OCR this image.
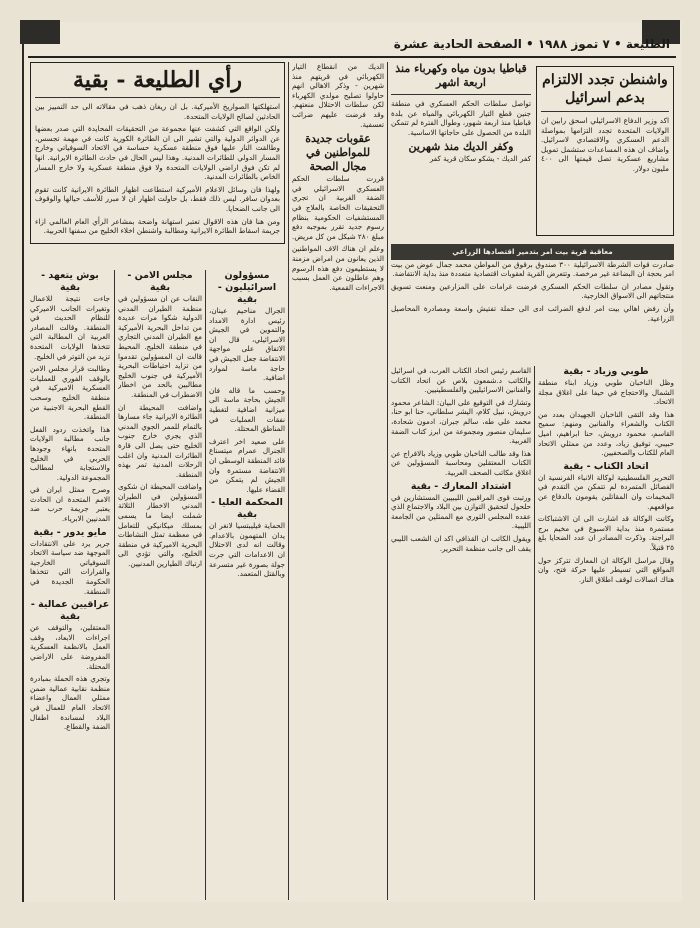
الطليعة • ٧ تموز ١٩٨٨ • الصفحة الحادية عشرة
رأي الطليعة - بقية

استهلكتها الصواريخ الأميركية. بل ان ريغان ذهب في مقالاته الى حد التمييز بين الحادثين لصالح الولايات المتحدة.

ولكن الواقع التي كشفت عنها مجموعة من التحقيقات المحايدة التي صدر بعضها عن الدوائر الدولية والتي تشير الى ان الطائرة الكورية كانت في مهمة تجسس، وطالقت النار عليها فوق منطقة عسكرية حساسة في الاتحاد السوفياتي وخارج المسار الدولي للطائرات المدنية. وهذا ليس الحال في حادث الطائرة الايرانية. انها لم تكن فوق اراضي الولايات المتحدة ولا فوق منطقة عسكرية ولا خارج المسار الخاص بالطائرات المدنية.

ولهذا فان وسائل الاعلام الأميركية استطاعت اظهار الطائرة الايرانية كانت تقوم بعدوان سافر. ليس ذلك فقط، بل حاولت اظهار ان لا مبرر للأسف حيالها والوقوف الى جانب الضحايا.

ومن هنا فان هذه الاقوال تعتبر استهانة واضحة بمشاعر الرأي العام العالمي ازاء جريمة اسقاط الطائرة الايرانية ومطالبة واشنطن اخلاء الخليج من سفنها الحربية.

بوش يتعهد - بقية

جاءت نتيجة للاعمال وتغيرات الجانب الاميركي للنظام الحديث في المنطقة. وقالت المصادر العربية ان المطالبة التي تتخذها الولايات المتحدة تزيد من التوتر في الخليج.

وطالبت قرار مجلس الامن بالوقف الفوري للعمليات العسكرية الاميركية في منطقة الخليج وسحب القطع البحرية الاجنبية من المنطقة.

هذا واتخذت ردود الفعل جانب مطالبة الولايات المتحدة بانهاء وجودها الحربي في الخليج والاستجابة لمطالب المجموعة الدولية.

وصرح ممثل ايران في الامم المتحدة ان الحادث يعتبر جريمة حرب ضد المدنيين الابرياء.

مايو يدور - بقية

جرير يرد على الانتقادات الموجهة ضد سياسة الاتحاد السوفياتي الخارجية والقرارات التي تتخذها الحكومة الجديدة في المنطقة.

عراقيين عمالية - بقية

المعتقلين، والتوقف عن اجراءات الابعاد، وقف العمل بالانظمة العسكرية المفروضة على الاراضي المحتلة.

وتجري هذه الحملة بمبادرة منظمة نقابية عمالية ضمن ممثلي العمال واعضاء الاتحاد العام للعمال في البلاد لمساندة اطفال الضفة والقطاع.

مجلس الامن - بقية

النقاب عن ان مسؤولين في منظمة الطيران المدني الدولية شكوا مرات عديدة من تداخل البحرية الأميركية مع الطيران المدني التجاري في منطقة الخليج. المحيط قالت ان المسؤولين تقدموا من تزايد احتياطات البحرية الأميركية في جنوب الخليج مطالبين بالحد من اخطار الاضطراب في المنطقة.

واضافت المحيطة ان الطائرة الايرانية جاء مسارها بالتمام للممر الجوي المدني الذي يجري خارج جنوب الخليج حتى يصل الى قارة الطائرات المدنية وان اغلب الرحلات المدنية تمر بهذه المنطقة.

واضافت المحيطة ان شكوى المسؤولين في الطيران المدني الاخطار الثلاثة شملت ايضا ما يسمى بمسلك ميكانيكي للتعامل في معظمة تمثل النشاطات البحرية الاميركية في منطقة الخليج، والتي تؤدي الى ارتباك الطيارين المدنيين.

مسؤولون اسرائيليون - بقية

الجرال مناحيم عينان، رئيس ادارة الامداد والتموين في الجيش الاسرائيلي، قال ان الاتفاق على مواجهة الانتفاضة جعل الجيش في حاجة ماسة لموارد اضافية.

وحسب ما قاله فان الجيش بحاجة ماسة الى ميزانية اضافية لتغطية نفقات العمليات في المناطق المحتلة.

على صعيد اخر اعترف الجنرال عمرام ميتسناع قائد المنطقة الوسطى ان الانتفاضة مستمرة وان الجيش لم يتمكن من القضاء عليها.

المحكمة العليا - بقية

الحماية فيليبتسيا لانغر ان يدان المتهمون بالاعدام. وقالت انه لدى الاحتلال ان الاعدامات التي جرت جولة بصورة غير متسرعة وبالقتل المتعمد.

الديك من انقطاع التيار الكهربائي في قريتهم منذ شهرين - وذكر الاهالي انهم حاولوا تصليح مولدي الكهرباء لكن سلطات الاحتلال منعتهم. وقد فرضت عليهم ضرائب تعسفية.

عقوبات جديدة للمواطنين في مجال الصحة

قررت سلطات الحكم العسكري الاسرائيلي في الضفة الغربية ان تجري التحقيقات الخاصة بالعلاج في المستشفيات الحكومية بنظام رسوم جديد تقرر بموجبه دفع مبلغ ٢٨٠ شيكل من كل مريض.

وعلم ان هناك الاف المواطنين الذين يعانون من امراض مزمنة لا يستطيعون دفع هذه الرسوم وهم عاطلون عن العمل بسبب الاجراءات القمعية.

قباطيا بدون مياه وكهرباء منذ اربعة اشهر

تواصل سلطات الحكم العسكري في منطقة جنين قطع التيار الكهربائي والمياه عن بلدة قباطيا منذ اربعة شهور، وطوال الفترة لم تتمكن البلدة من الحصول على حاجاتها الاساسية.

وكفر الديك منذ شهرين

كفر الديك - يشكو سكان قرية كفر

واشنطن تجدد الالتزام بدعم اسرائيل

اكد وزير الدفاع الاسرائيلي اسحق رابين ان الولايات المتحدة تجدد التزامها بمواصلة الدعم العسكري والاقتصادي لاسرائيل. واضاف ان هذه المساعدات ستشمل تمويل مشاريع عسكرية تصل قيمتها الى ٤٠٠ مليون دولار.

معاقبة قرية بيت امر بتدمير اقتصادها الزراعي

صادرت قوات الشرطة الاسرائيلية ٣٠٠ صندوق برقوق من المواطن محمد جمال عوض من بيت امر بحجة ان البضاعة غير مرخصة. وتتعرض القرية لعقوبات اقتصادية متعددة منذ بداية الانتفاضة.

وتقول مصادر ان سلطات الحكم العسكري فرضت غرامات على المزارعين ومنعت تسويق منتجاتهم الى الاسواق الخارجية.

وأن رفض اهالي بيت امر لدفع الضرائب ادى الى حملة تفتيش واسعة ومصادرة المحاصيل الزراعية.

القاسم رئيس اتحاد الكتاب العرب، في اسرائيل والكاتب د.شمعون بلاص عن اتحاد الكتاب والفنانين الاسرائيليين والفلسطينيين.

وتشارك في التوقيع على البيان: الشاعر محمود درويش، نبيل كلام، اليشر سلطاني، حنا ابو حنا، محمد علي طه، سالم جبران، ادمون شحادة، سليمان منصور ومجموعة من ابرز كتاب الضفة الغربية.

هذا وقد طالب الناخبان طوبي وزياد بالافراج عن الكتاب المعتقلين ومحاسبة المسؤولين عن اغلاق مكاتب الصحف العربية.

اشتداد المعارك - بقية

ورتبت قوى المراقبين الليبيين المستشارين في حلحول لتحقيق التوازن بين البلاد والاجتماع الذي عقده المجلس الثوري مع الممثلين من الجامعة الليبية.

ويقول الكاتب ان القذافي اكد ان الشعب الليبي يقف الى جانب منظمة التحرير.

طوبي وزياد - بقية

وظل الناخبان طوبي وزياد ابناء منطقة الشمال والاحتجاج في حيفا على اغلاق مجلة الاتحاد.

هذا وقد التقى الناخبان الجهيدان بعدد من الكتاب والشعراء والفنانين ومنهم: سميح القاسم، محمود درويش، حنا ابراهيم، اميل حبيبي، توفيق زياد، وعدد من ممثلي الاتحاد العام للكتاب والصحفيين.

اتحاد الكتاب - بقية

التحرير الفلسطينية لوكالة الانباء الفرنسية ان الفصائل المتمردة لم تتمكن من التقدم في المخيمات وان المقاتلين يقومون بالدفاع عن مواقعهم.

وكانت الوكالة قد اشارت الى ان الاشتباكات مستمرة منذ بداية الاسبوع في مخيم برج البراجنة. وذكرت المصادر ان عدد الضحايا بلغ ٢٥ قتيلاً.

وقال مراسل الوكالة ان المعارك تتركز حول المواقع التي تسيطر عليها حركة فتح، وان هناك اتصالات لوقف اطلاق النار.
